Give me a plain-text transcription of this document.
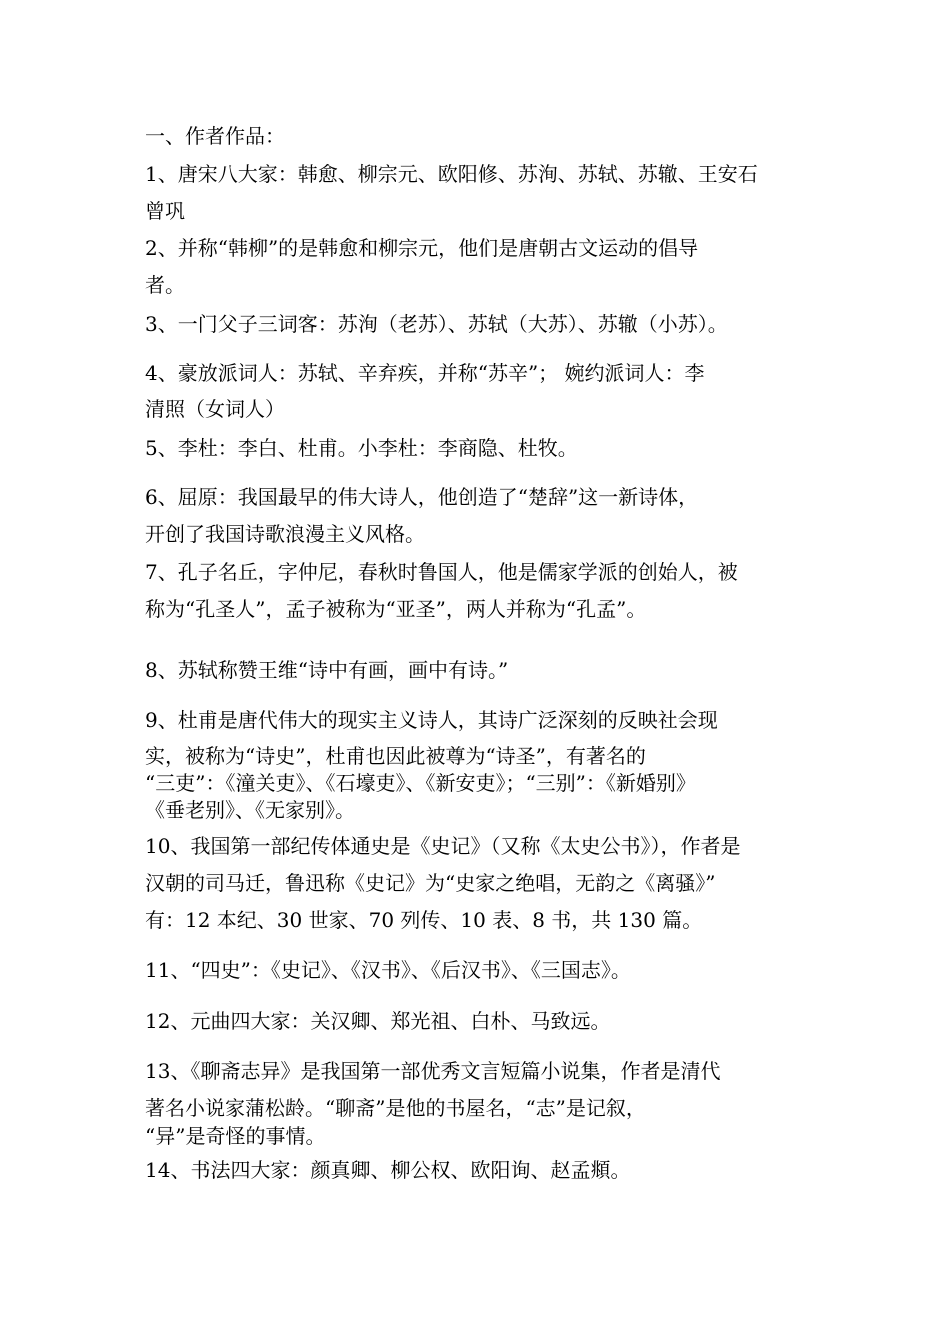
一、作者作品：
1、唐宋八大家：韩愈、柳宗元、欧阳修、苏洵、苏轼、苏辙、王安石
曾巩
2、并称“韩柳”的是韩愈和柳宗元，他们是唐朝古文运动的倡导
者。
3、一门父子三词客：苏洵（老苏）、苏轼（大苏）、苏辙（小苏）。
4、豪放派词人：苏轼、辛弃疾，并称“苏辛”； 婉约派词人：李
清照（女词人）
5、李杜：李白、杜甫。小李杜：李商隐、杜牧。
6、屈原：我国最早的伟大诗人，他创造了“楚辞”这一新诗体，
开创了我国诗歌浪漫主义风格。
7、孔子名丘，字仲尼，春秋时鲁国人，他是儒家学派的创始人，被
称为“孔圣人”，孟子被称为“亚圣”，两人并称为“孔孟”。
8、苏轼称赞王维“诗中有画，画中有诗。”
9、杜甫是唐代伟大的现实主义诗人，其诗广泛深刻的反映社会现
实，被称为“诗史”，杜甫也因此被尊为“诗圣”，有著名的
“三吏”：《潼关吏》、《石壕吏》、《新安吏》；“三别”：《新婚别》
《垂老别》、《无家别》。
10、我国第一部纪传体通史是《史记》（又称《太史公书》），作者是
汉朝的司马迁，鲁迅称《史记》为“史家之绝唱，无韵之《离骚》”
有：12 本纪、30 世家、70 列传、10 表、8 书，共 130 篇。
11、“四史”：《史记》、《汉书》、《后汉书》、《三国志》。
12、元曲四大家：关汉卿、郑光祖、白朴、马致远。
13、《聊斋志异》是我国第一部优秀文言短篇小说集，作者是清代
著名小说家蒲松龄。“聊斋”是他的书屋名，“志”是记叙，
“异”是奇怪的事情。
14、书法四大家：颜真卿、柳公权、欧阳询、赵孟頫。
